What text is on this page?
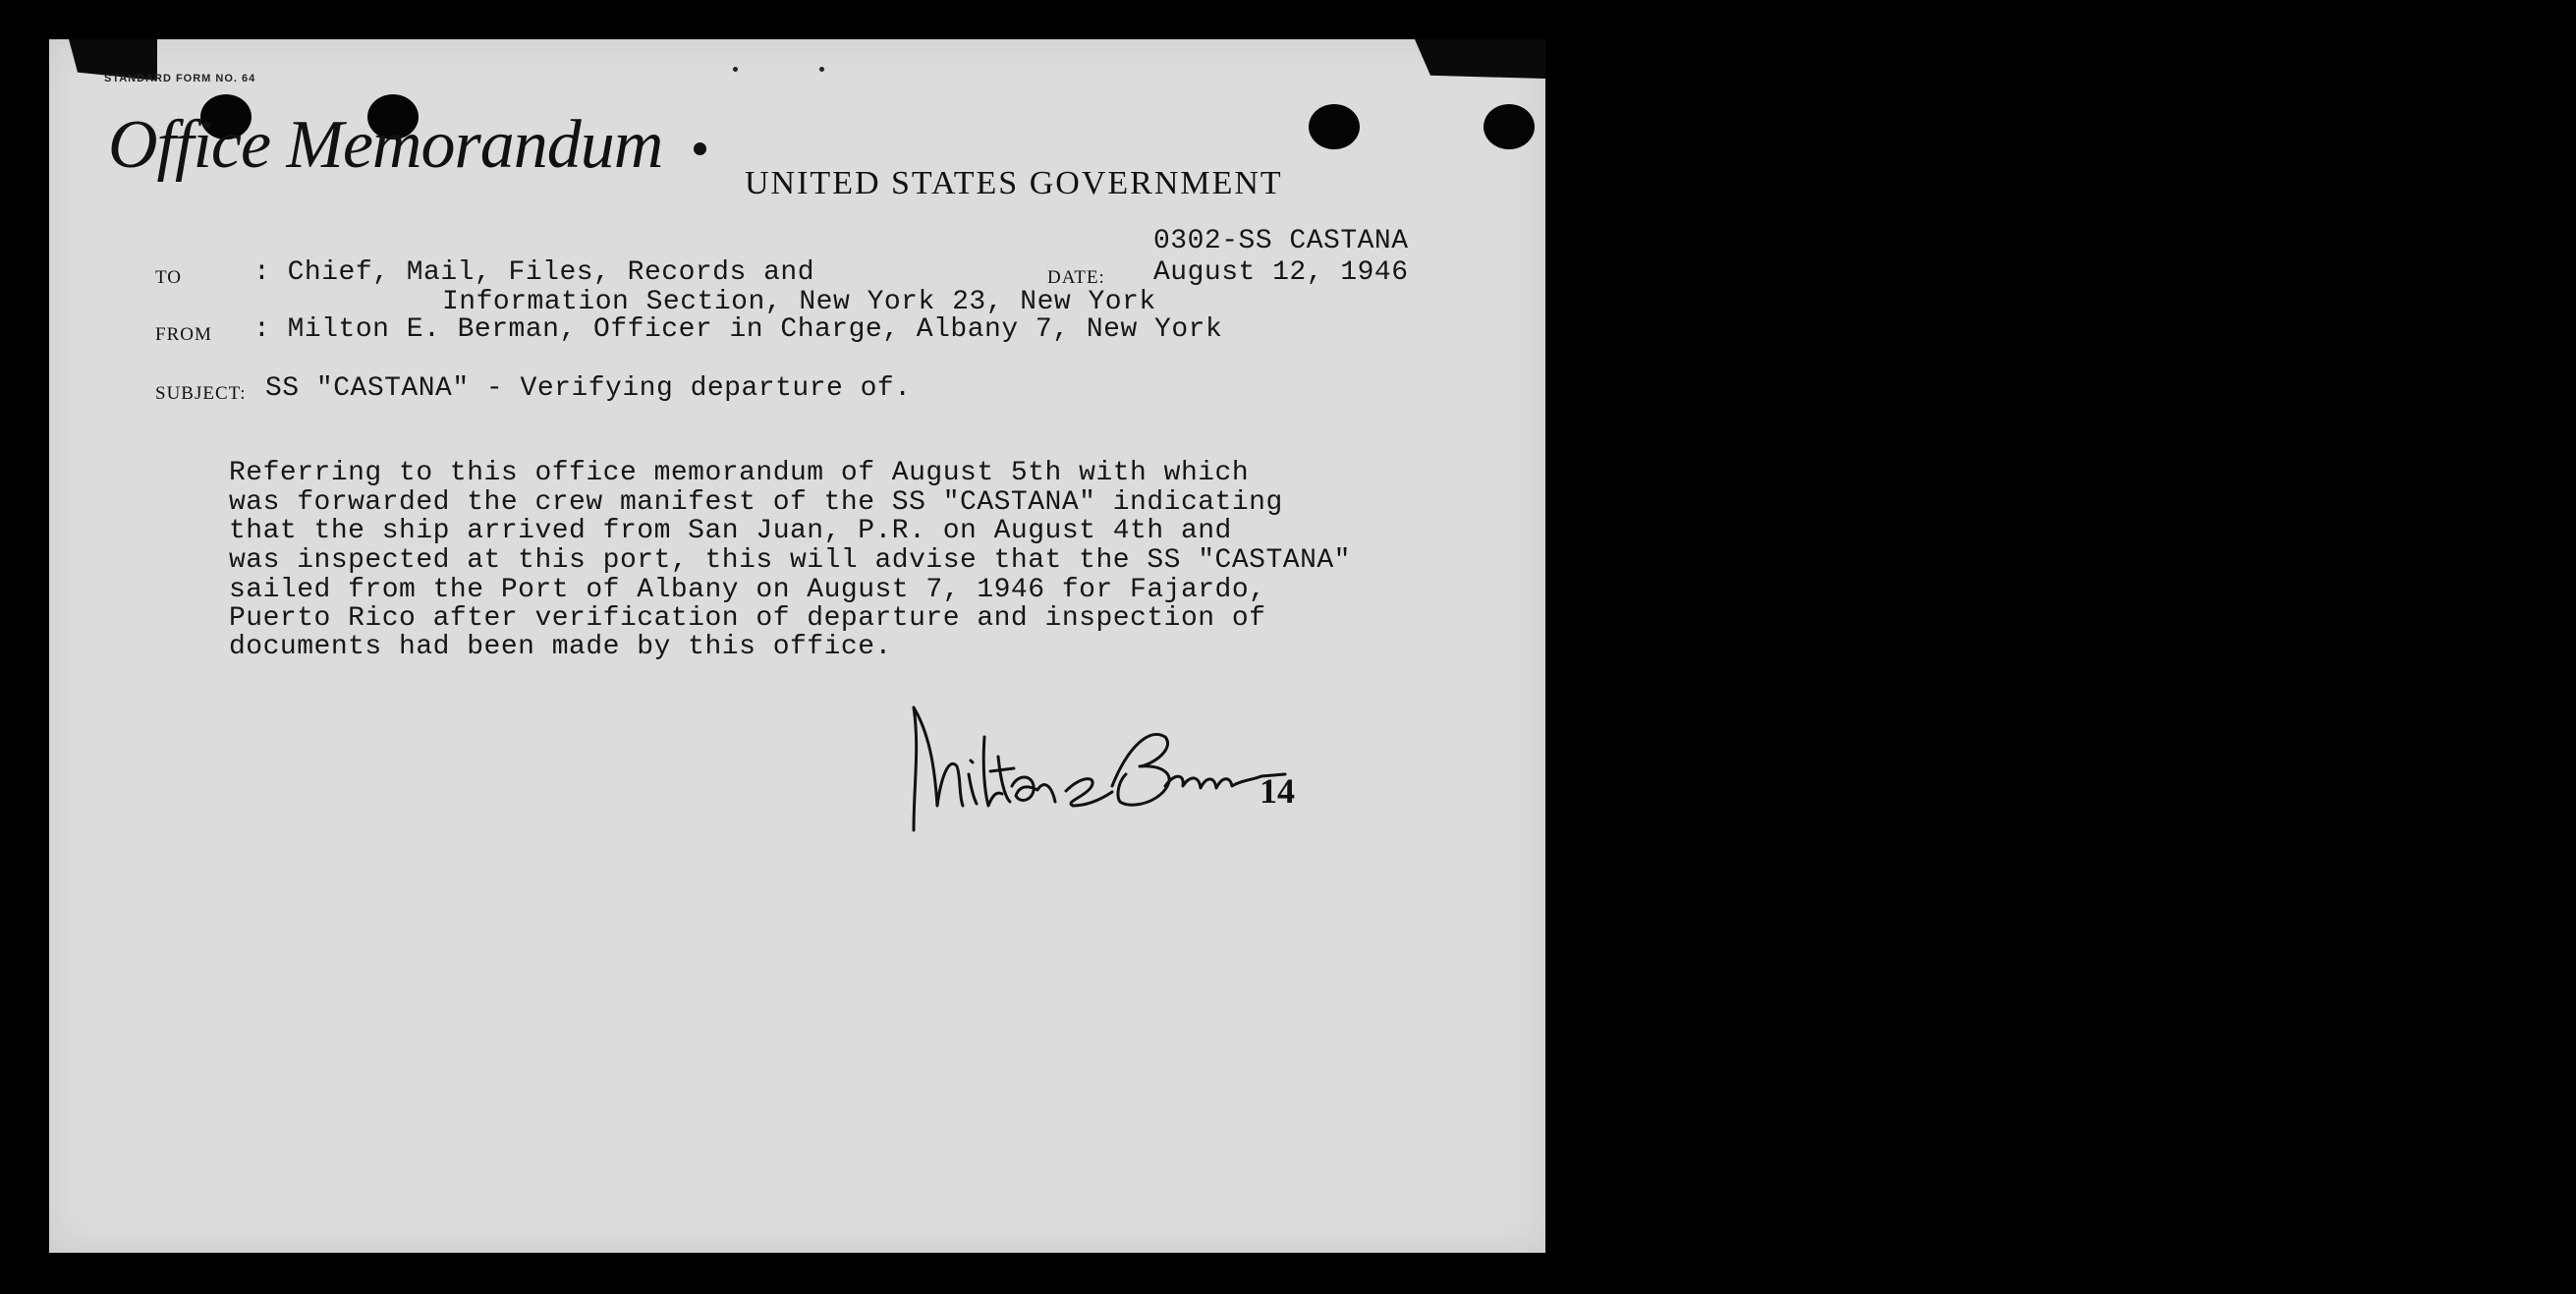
STANDARD FORM NO. 64
Office Memorandum
UNITED STATES GOVERNMENT
0302-SS CASTANA
TO	: Chief, Mail, Files, Records and	DATE: August 12, 1946
Information Section, New York 23, New York
FROM : Milton E. Berman, Officer in Charge, Albany 7, New York
SUBJECT: SS "CASTANA" - Verifying departure of.
Referring to this office memorandum of August 5th with which
was forwarded the crew manifest of the SS "CASTANA" indicating
that the ship arrived from San Juan, P.R. on August 4th and
was inspected at this port, this will advise that the SS "CASTANA"
sailed from the Port of Albany on August 7, 1946 for Fajardo,
Puerto Rico after verification of departure and inspection of
documents had been made by this office.
14
